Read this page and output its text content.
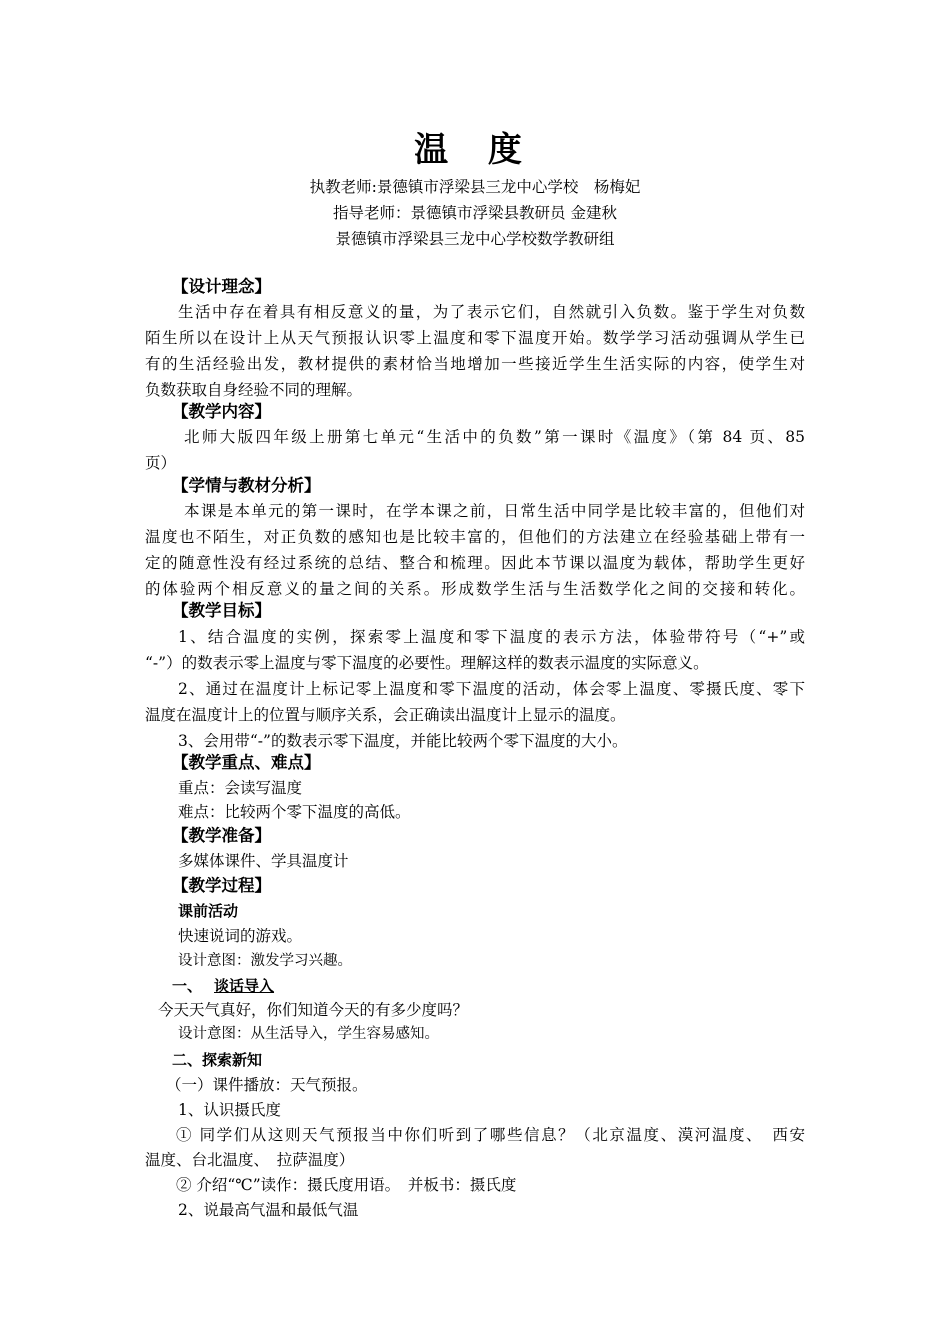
温 度
执教老师:景德镇市浮梁县三龙中心学校　杨梅妃
指导老师：景德镇市浮梁县教研员 金建秋
景德镇市浮梁县三龙中心学校数学教研组
【设计理念】
生活中存在着具有相反意义的量，为了表示它们，自然就引入负数。鉴于学生对负数
陌生所以在设计上从天气预报认识零上温度和零下温度开始。数学学习活动强调从学生已
有的生活经验出发，教材提供的素材恰当地增加一些接近学生生活实际的内容，使学生对
负数获取自身经验不同的理解。
【教学内容】
北师大版四年级上册第七单元“生活中的负数”第一课时《温度》（第 84 页、85
页）
【学情与教材分析】
本课是本单元的第一课时，在学本课之前，日常生活中同学是比较丰富的，但他们对
温度也不陌生，对正负数的感知也是比较丰富的，但他们的方法建立在经验基础上带有一
定的随意性没有经过系统的总结、整合和梳理。因此本节课以温度为载体，帮助学生更好
的体验两个相反意义的量之间的关系。形成数学生活与生活数学化之间的交接和转化。
【教学目标】
1、结合温度的实例，探索零上温度和零下温度的表示方法，体验带符号（“+”或
“-”）的数表示零上温度与零下温度的必要性。理解这样的数表示温度的实际意义。
2、通过在温度计上标记零上温度和零下温度的活动，体会零上温度、零摄氏度、零下
温度在温度计上的位置与顺序关系，会正确读出温度计上显示的温度。
3、会用带“-”的数表示零下温度，并能比较两个零下温度的大小。
【教学重点、难点】
重点：会读写温度
难点：比较两个零下温度的高低。
【教学准备】
多媒体课件、学具温度计
【教学过程】
课前活动
快速说词的游戏。
设计意图：激发学习兴趣。
一、 谈话导入
今天天气真好，你们知道今天的有多少度吗？
设计意图：从生活导入，学生容易感知。
二、探索新知
（一）课件播放：天气预报。
1、认识摄氏度
① 同学们从这则天气预报当中你们听到了哪些信息？（北京温度、漠河温度、　西安
温度、台北温度、　拉萨温度）
② 介绍“℃”读作：摄氏度用语。　并板书：摄氏度
2、说最高气温和最低气温
